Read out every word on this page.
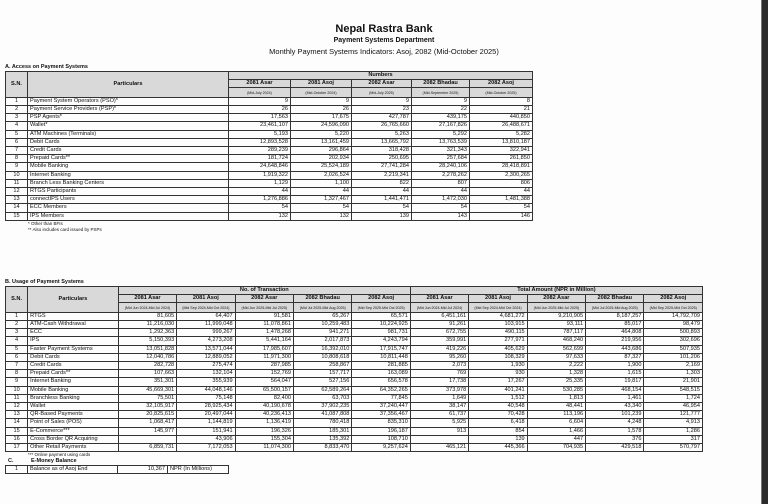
Nepal Rastra Bank
Payment Systems Department
Monthly Payment Systems Indicators: Asoj, 2082 (Mid-October 2025)
A. Access on Payment Systems
S.N.	Particulars	Numbers				
		2081 Asar	2081 Asoj	2082 Asar	2082 Bhadau	2082 Asoj
		(Mid-July 2024)	(Mid-October 2024)	(Mid-July 2025)	(Mid-September 2025)	(Mid-October 2025)
1	Payment System Operators (PSO)*	9	9	9	9	8
2	Payment Service Providers (PSP)*	26	26	23	22	21
3	PSP Agents*	17,563	17,675	427,787	439,175	440,850
4	Wallet*	23,461,107	24,596,090	26,765,660	27,167,826	26,488,671
5	ATM Machines (Terminals)	5,193	5,220	5,263	5,292	5,282
6	Debit Cards	12,893,528	13,161,459	13,665,792	13,763,539	13,810,187
7	Credit Cards	289,239	296,864	318,428	321,343	322,941
8	Prepaid Cards**	181,724	202,934	250,695	257,684	261,850
9	Mobile Banking	24,648,846	25,524,189	27,741,284	28,240,106	28,418,891
10	Internet Banking	1,919,322	2,026,524	2,219,341	2,278,262	2,300,265
11	Branch Less Banking Centers	1,129	1,100	822	807	806
12	RTGS Participants	44	44	44	44	44
13	connectIPS Users	1,276,886	1,327,467	1,441,471	1,472,030	1,481,388
14	ECC Members	54	54	54	54	54
15	IPS Members	132	132	139	143	146
* Other than BFIs
** Also includes card issued by PSPs
B. Usage of Payment Systems
S.N.	Particulars	No. of Transaction					Total Amount (NPR in Million)				
		2081 Asar	2081 Asoj	2082 Asar	2082 Bhadau	2082 Asoj	2081 Asar	2081 Asoj	2082 Asar	2082 Bhadau	2082 Asoj
		(Mid Jun 2024-Mid Jul 2024)	(Mid Sep 2024-Mid Oct 2024)	(Mid Jun 2025-Mid Jul 2025)	(Mid Jul 2025-Mid Aug 2025)	(Mid Sep 2025-Mid Oct 2025)	(Mid Jun 2024-Mid Jul 2024)	(Mid Sep 2024-Mid Oct 2024)	(Mid Jun 2025-Mid Jul 2025)	(Mid Jul 2025-Mid Aug 2025)	(Mid Sep 2025-Mid Oct 2025)
1	RTGS	81,605	64,407	91,581	65,267	65,571	6,451,161	4,681,272	9,210,905	8,187,257	14,792,709
2	ATM-Cash Withdrawal	11,216,030	11,999,048	11,078,861	10,259,483	10,224,925	91,261	103,915	93,111	85,017	98,479
3	ECC	1,292,363	999,267	1,478,268	941,271	981,731	672,755	490,115	787,117	464,808	500,893
4	IPS	5,150,393	4,273,208	5,441,164	2,017,873	4,243,794	359,991	277,971	468,240	219,956	302,696
5	Faster Payment Systems	13,051,828	13,571,044	17,985,607	16,392,010	17,915,747	419,226	405,629	562,699	443,686	507,935
6	Debit Cards	12,040,786	12,889,052	11,971,300	10,808,618	10,811,448	95,260	108,329	97,633	87,327	101,206
7	Credit Cards	282,728	275,474	287,985	258,867	281,885	2,073	1,930	2,222	1,900	2,169
8	Prepaid Cards**	107,663	132,104	152,769	157,717	163,089	769	930	1,328	1,615	1,303
9	Internet Banking	351,301	355,939	564,047	527,156	656,578	17,738	17,267	25,335	19,817	21,901
10	Mobile Banking	45,669,301	44,048,146	65,500,157	62,589,264	64,352,265	373,978	401,241	530,285	468,154	548,515
11	Branchless Banking	75,501	75,148	82,400	63,703	77,845	1,649	1,512	1,813	1,461	1,724
12	Wallet	32,105,917	28,925,434	40,190,678	37,902,235	37,240,447	38,147	40,548	48,441	43,340	46,954
13	QR-Based Payments	20,825,615	20,497,044	40,236,413	41,087,808	37,356,467	61,737	70,428	113,196	101,239	121,777
14	Point of Sales (POS)	1,068,417	1,144,819	1,136,419	780,418	835,310	5,925	6,418	6,604	4,248	4,913
15	E-Commerce***	145,977	151,941	196,326	185,301	196,187	913	854	1,466	1,578	1,286
16	Cross Border QR Acquiring		43,906	155,304	135,392	108,710		139	447	376	317
17	Other Retail Payments	6,859,731	7,172,053	11,074,300	8,833,470	9,257,624	465,121	445,366	704,935	429,518	570,797
*** Online payment using cards
C.	E-Money Balance
1	Balance as of Asoj End	10,367	NPR (In Millions)
